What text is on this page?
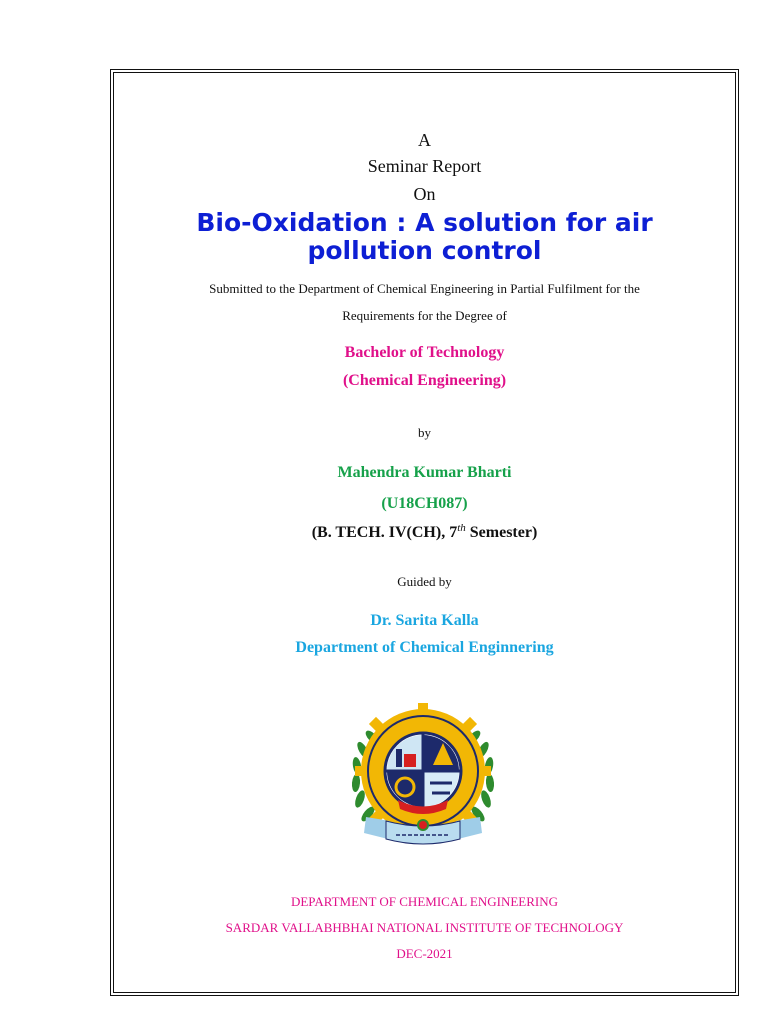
A

Seminar Report

On

Bio-Oxidation : A solution for air pollution control

Submitted to the Department of Chemical Engineering in Partial Fulfilment for the

Requirements for the Degree of

Bachelor of Technology

(Chemical Engineering)

by

Mahendra Kumar Bharti

(U18CH087)

(B. TECH. IV(CH), 7th Semester)

Guided by

Dr. Sarita Kalla

Department of Chemical Enginnering

DEPARTMENT OF CHEMICAL ENGINEERING

SARDAR VALLABHBHAI NATIONAL INSTITUTE OF TECHNOLOGY

DEC-2021
